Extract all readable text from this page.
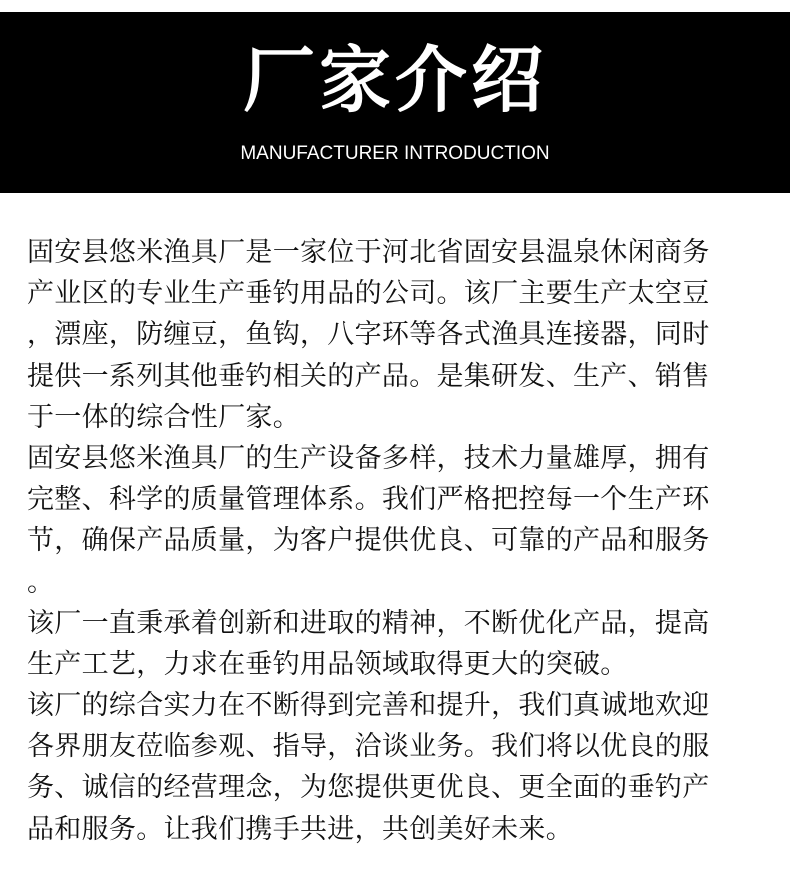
厂家介绍
MANUFACTURER INTRODUCTION
固安县悠米渔具厂是一家位于河北省固安县温泉休闲商务
产业区的专业生产垂钓用品的公司。该厂主要生产太空豆
，漂座，防缠豆，鱼钩，八字环等各式渔具连接器，同时
提供一系列其他垂钓相关的产品。是集研发、生产、销售
于一体的综合性厂家。
固安县悠米渔具厂的生产设备多样，技术力量雄厚，拥有
完整、科学的质量管理体系。我们严格把控每一个生产环
节，确保产品质量，为客户提供优良、可靠的产品和服务
。
该厂一直秉承着创新和进取的精神，不断优化产品，提高
生产工艺，力求在垂钓用品领域取得更大的突破。
该厂的综合实力在不断得到完善和提升，我们真诚地欢迎
各界朋友莅临参观、指导，洽谈业务。我们将以优良的服
务、诚信的经营理念，为您提供更优良、更全面的垂钓产
品和服务。让我们携手共进，共创美好未来。
